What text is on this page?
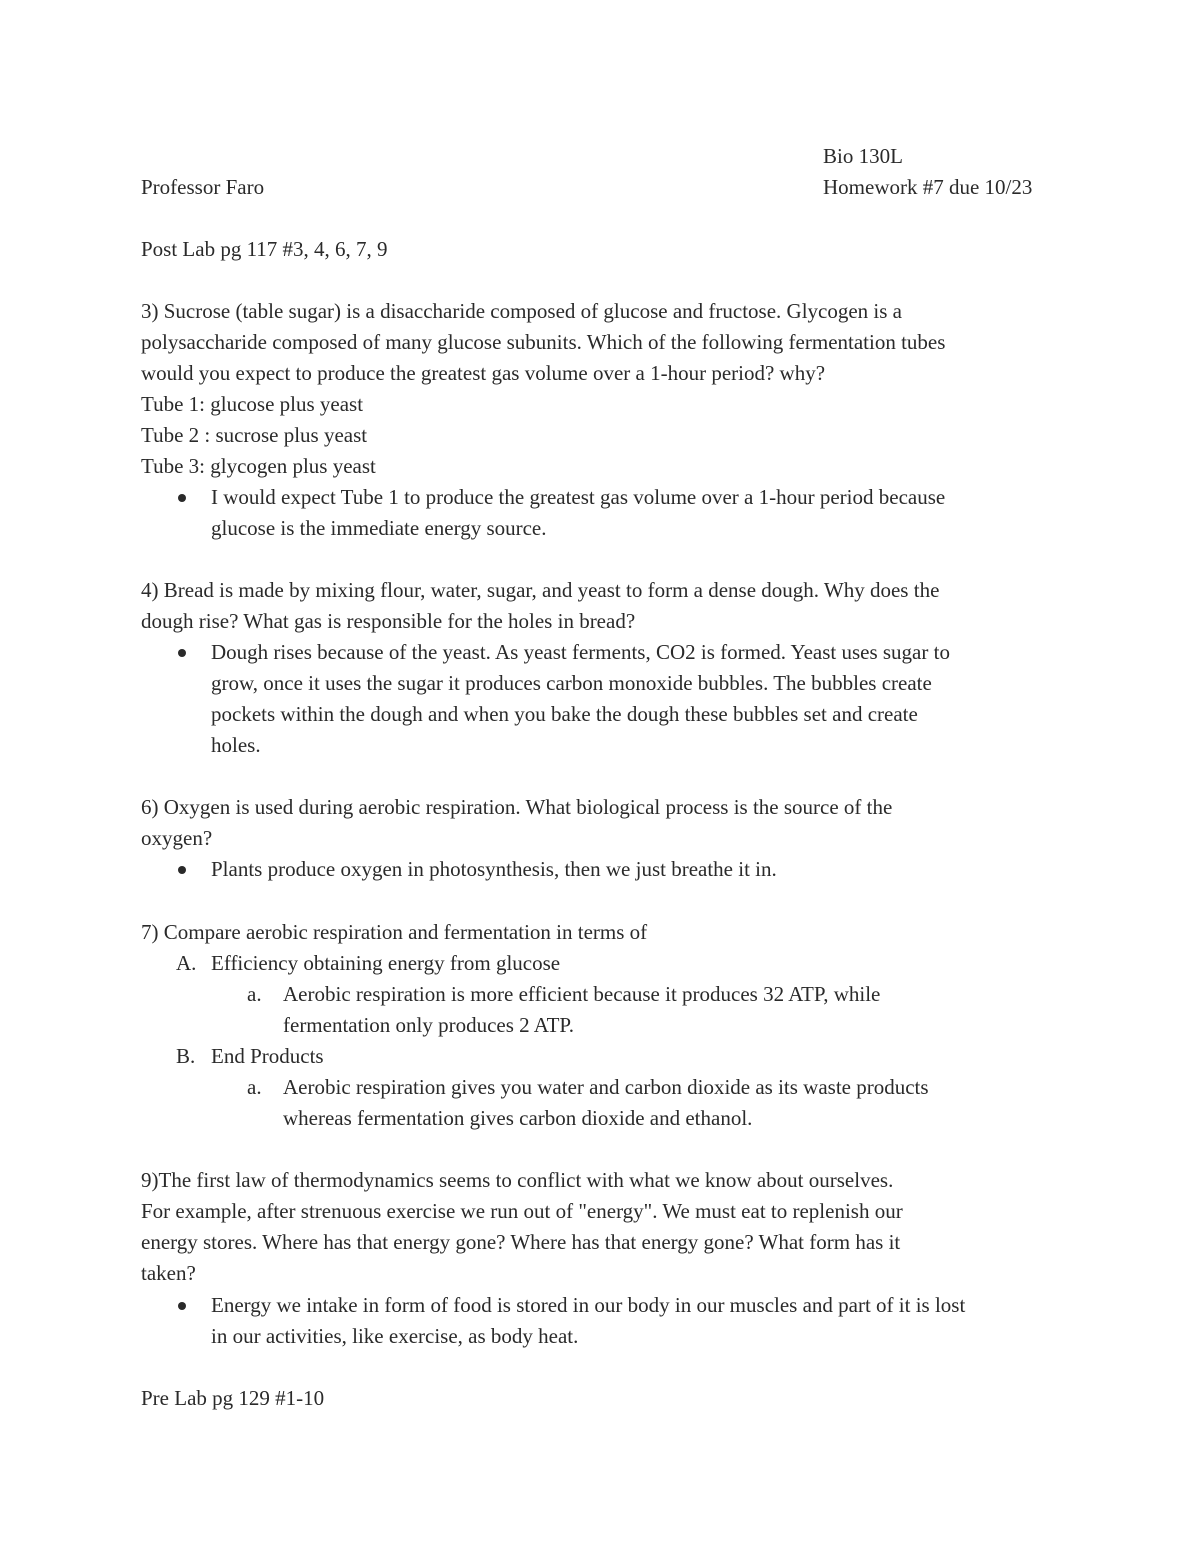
Bio 130L
Professor Faro	Homework #7 due 10/23
Post Lab pg 117 #3, 4, 6, 7, 9
3) Sucrose (table sugar) is a disaccharide composed of glucose and fructose. Glycogen is a
polysaccharide composed of many glucose subunits. Which of the following fermentation tubes
would you expect to produce the greatest gas volume over a 1-hour period? why?
Tube 1: glucose plus yeast
Tube 2 : sucrose plus yeast
Tube 3: glycogen plus yeast
I would expect Tube 1 to produce the greatest gas volume over a 1-hour period because
glucose is the immediate energy source.
4) Bread is made by mixing flour, water, sugar, and yeast to form a dense dough. Why does the
dough rise? What gas is responsible for the holes in bread?
Dough rises because of the yeast. As yeast ferments, CO2 is formed. Yeast uses sugar to
grow, once it uses the sugar it produces carbon monoxide bubbles. The bubbles create
pockets within the dough and when you bake the dough these bubbles set and create
holes.
6) Oxygen is used during aerobic respiration. What biological process is the source of the
oxygen?
Plants produce oxygen in photosynthesis, then we just breathe it in.
7) Compare aerobic respiration and fermentation in terms of
A. Efficiency obtaining energy from glucose
a. Aerobic respiration is more efficient because it produces 32 ATP, while
fermentation only produces 2 ATP.
B. End Products
a. Aerobic respiration gives you water and carbon dioxide as its waste products
whereas fermentation gives carbon dioxide and ethanol.
9)The first law of thermodynamics seems to conflict with what we know about ourselves.
For example, after strenuous exercise we run out of "energy". We must eat to replenish our
energy stores. Where has that energy gone? Where has that energy gone? What form has it
taken?
Energy we intake in form of food is stored in our body in our muscles and part of it is lost
in our activities, like exercise, as body heat.
Pre Lab pg 129 #1-10
